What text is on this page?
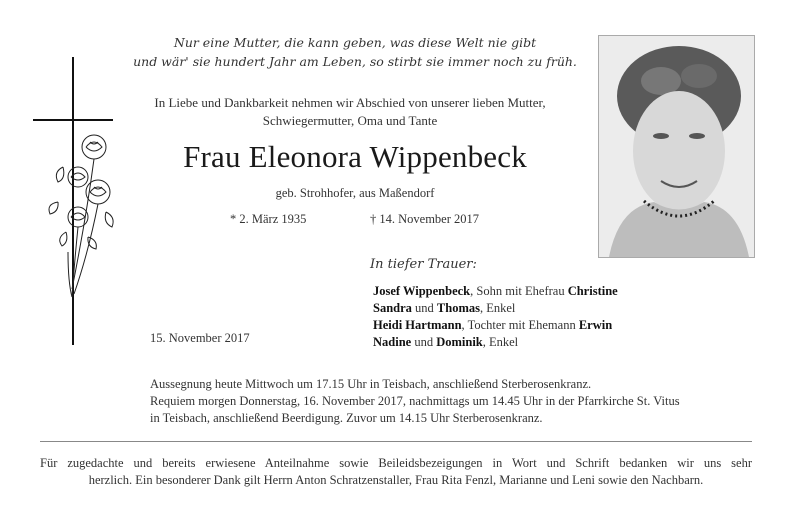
Nur eine Mutter, die kann geben, was diese Welt nie gibt
und wär' sie hundert Jahr am Leben, so stirbt sie immer noch zu früh.
In Liebe und Dankbarkeit nehmen wir Abschied von unserer lieben Mutter,
Schwiegermutter, Oma und Tante
Frau Eleonora Wippenbeck
geb. Strohhofer, aus Maßendorf
* 2. März 1935	† 14. November 2017
In tiefer Trauer:
Josef Wippenbeck, Sohn mit Ehefrau Christine
Sandra und Thomas, Enkel
Heidi Hartmann, Tochter mit Ehemann Erwin
Nadine und Dominik, Enkel
15. November 2017
Aussegnung heute Mittwoch um 17.15 Uhr in Teisbach, anschließend Sterberosenkranz.
Requiem morgen Donnerstag, 16. November 2017, nachmittags um 14.45 Uhr in der Pfarrkirche St. Vitus
in Teisbach, anschließend Beerdigung. Zuvor um 14.15 Uhr Sterberosenkranz.
Für zugedachte und bereits erwiesene Anteilnahme sowie Beileidsbezeigungen in Wort und Schrift bedanken wir uns sehr
herzlich. Ein besonderer Dank gilt Herrn Anton Schratzenstaller, Frau Rita Fenzl, Marianne und Leni sowie den Nachbarn.
